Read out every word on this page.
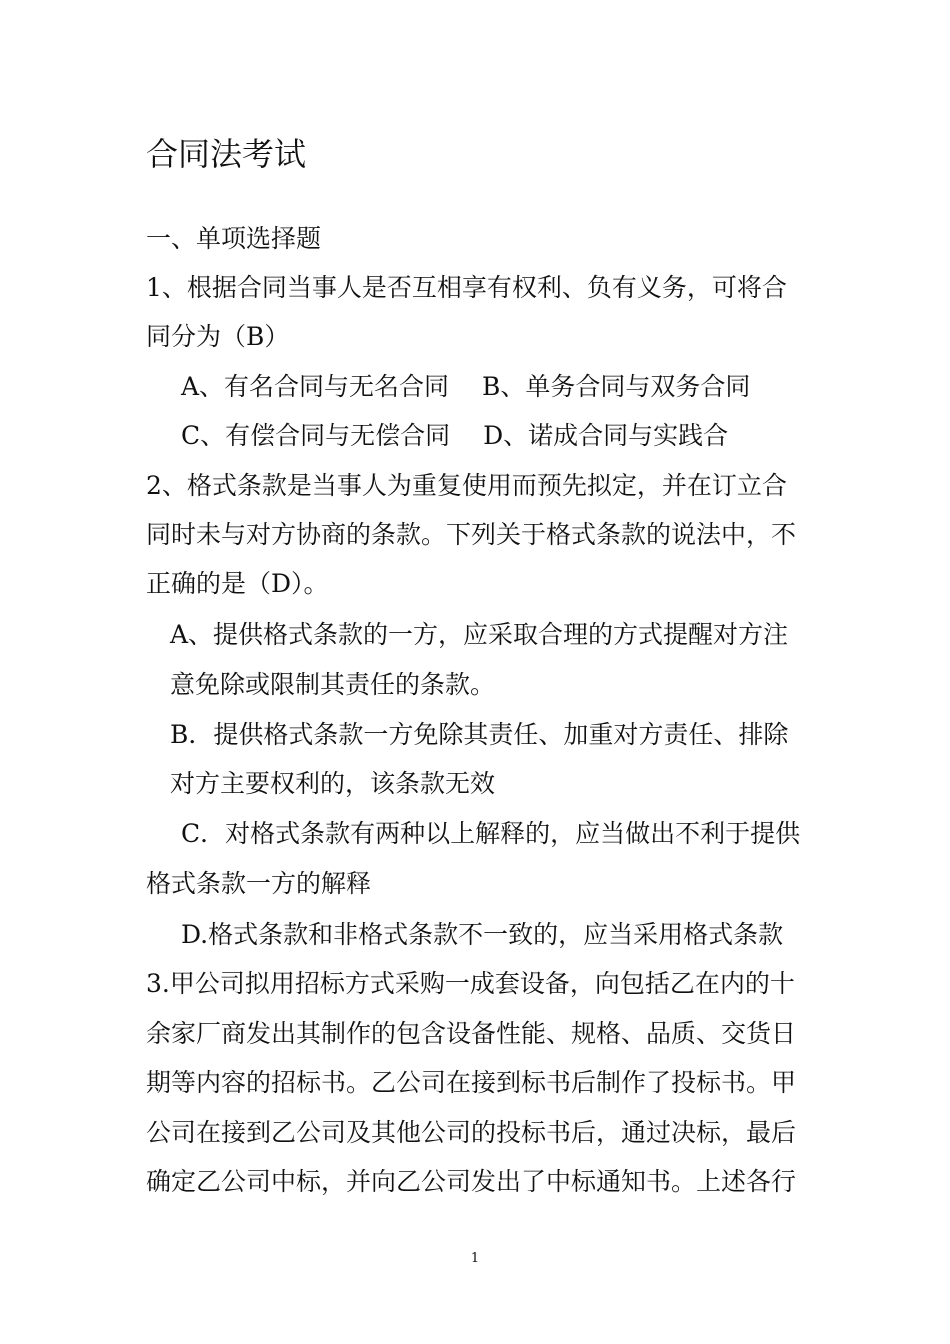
合同法考试
一、单项选择题
1、根据合同当事人是否互相享有权利、负有义务，可将合
同分为（B）
A、有名合同与无名合同　 B、单务合同与双务合同
C、有偿合同与无偿合同　 D、诺成合同与实践合
2、格式条款是当事人为重复使用而预先拟定，并在订立合
同时未与对方协商的条款。下列关于格式条款的说法中，不
正确的是（D）。
A、提供格式条款的一方，应采取合理的方式提醒对方注
意免除或限制其责任的条款。
B．提供格式条款一方免除其责任、加重对方责任、排除
对方主要权利的，该条款无效
C．对格式条款有两种以上解释的，应当做出不利于提供
格式条款一方的解释
D.格式条款和非格式条款不一致的，应当采用格式条款
3.甲公司拟用招标方式采购一成套设备，向包括乙在内的十
余家厂商发出其制作的包含设备性能、规格、品质、交货日
期等内容的招标书。乙公司在接到标书后制作了投标书。甲
公司在接到乙公司及其他公司的投标书后，通过决标，最后
确定乙公司中标，并向乙公司发出了中标通知书。上述各行
1
